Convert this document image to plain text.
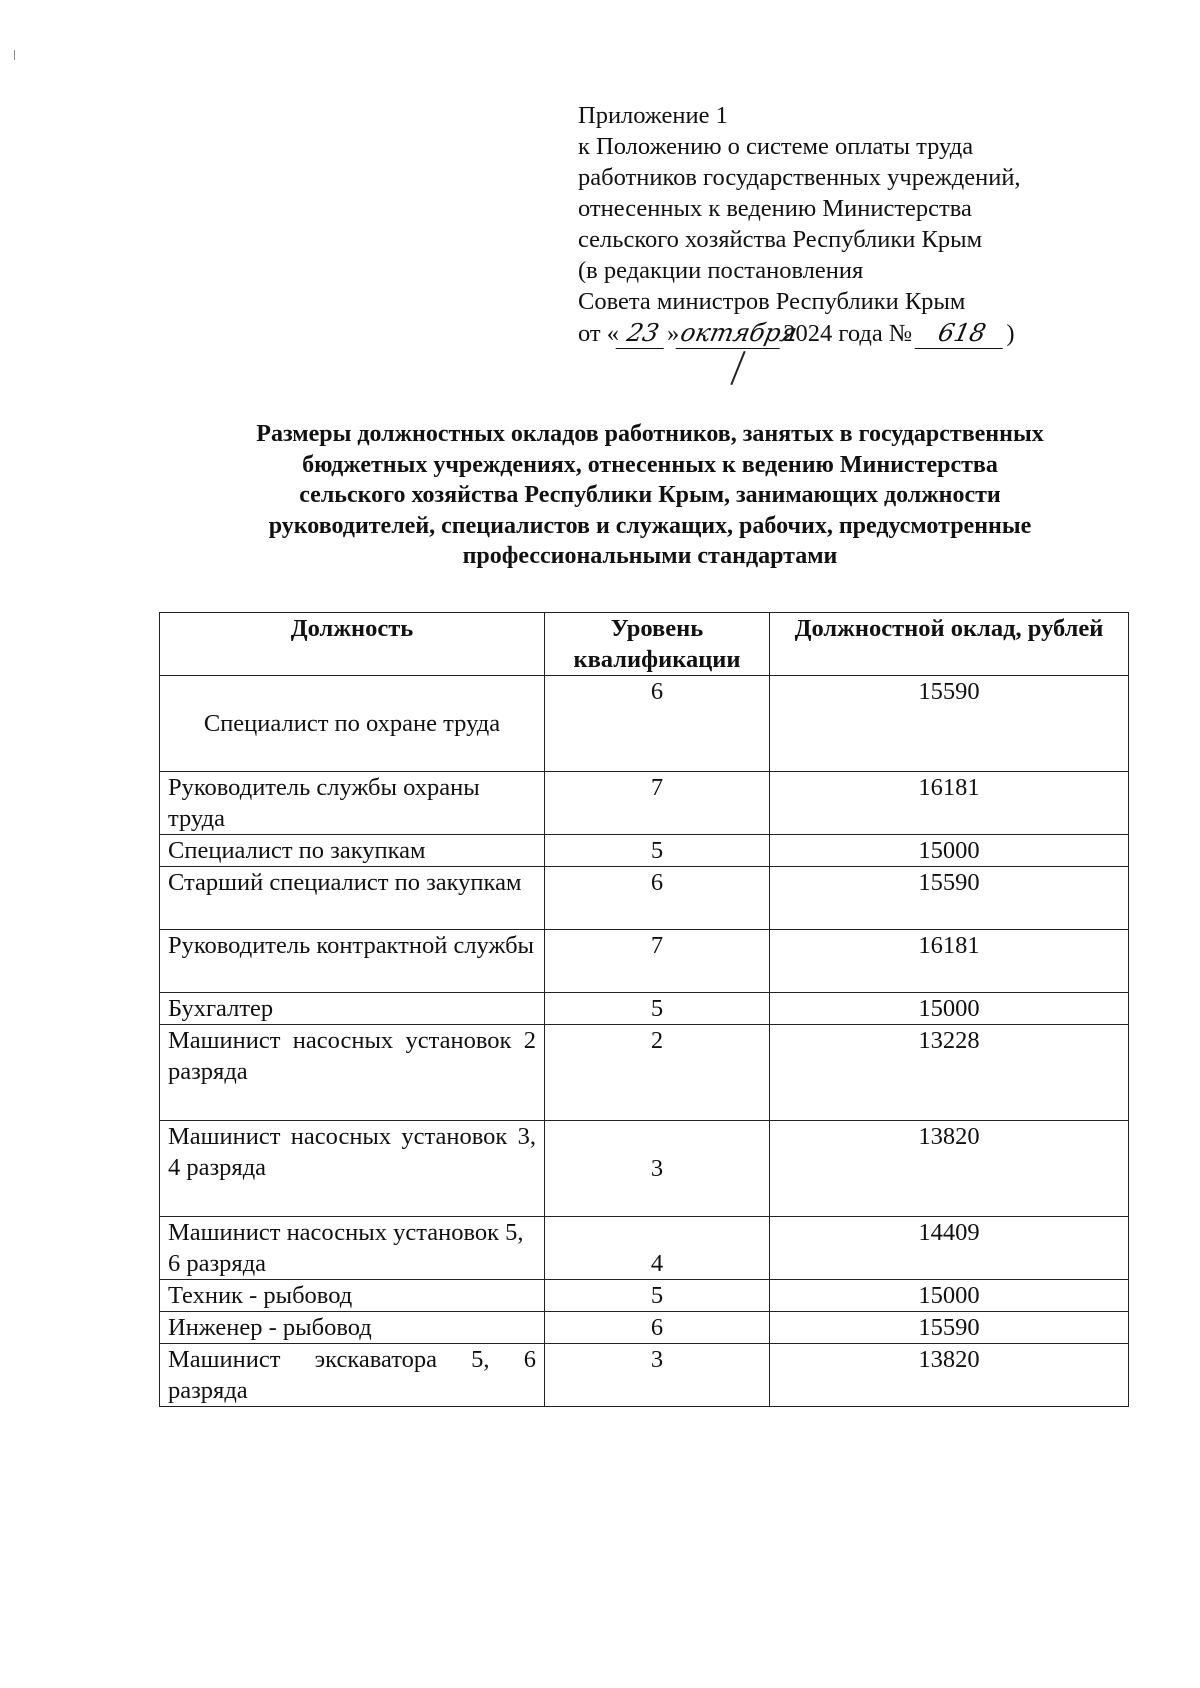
Приложение 1
к Положению о системе оплаты труда
работников государственных учреждений,
отнесенных к ведению Министерства
сельского хозяйства Республики Крым
(в редакции постановления
Совета министров Республики Крым
от « 23 »октября2024 года № 618 )
Размеры должностных окладов работников, занятых в государственных
бюджетных учреждениях, отнесенных к ведению Министерства
сельского хозяйства Республики Крым, занимающих должности
руководителей, специалистов и служащих, рабочих, предусмотренные
профессиональными стандартами
Должность	Уровень квалификации	Должностной оклад, рублей
Специалист по охране труда	6	15590
Руководитель службы охраны труда	7	16181
Специалист по закупкам	5	15000
Старший специалист по закупкам	6	15590
Руководитель контрактной службы	7	16181
Бухгалтер	5	15000
Машинист насосных установок 2 разряда	2	13228
Машинист насосных установок 3, 4 разряда	3	13820
Машинист насосных установок 5, 6 разряда	4	14409
Техник - рыбовод	5	15000
Инженер - рыбовод	6	15590
Машинист экскаватора 5, 6 разряда	3	13820
